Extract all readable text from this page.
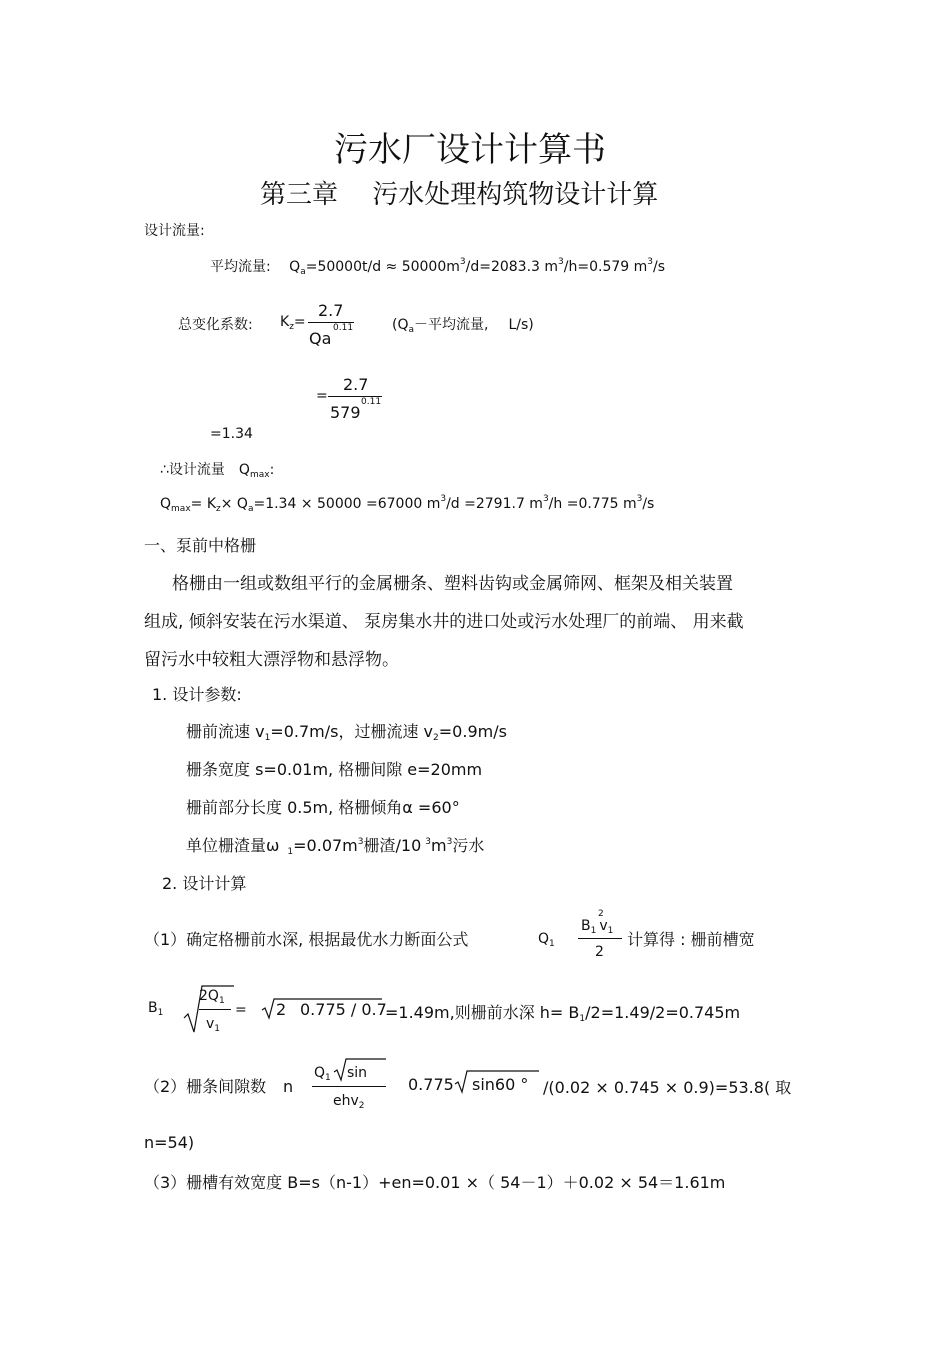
污水厂设计计算书
第三章　 污水处理构筑物设计计算
设计流量:
平均流量: $Q_a=50000t/d \approx 50000m^3/d=2083.3$ $m^3/h=0.579$ $m^3/s$
总变化系数: $K_z=$
2.7
Qa
0.11	($Q_a-$平均流量, L/s)
=
2.7
579
0.11
=1.34
∴设计流量 $Q_{max}$:
$Q_{max}= K_z\times Q_a=1.34 \times 50000 =67000$ $m^3/d =2791.7$ $m^3/h =0.775$ $m^3/s$
一、泵前中格栅
格栅由一组或数组平行的金属栅条、塑料齿钩或金属筛网、框架及相关装置
组成, 倾斜安装在污水渠道、 泵房集水井的进口处或污水处理厂的前端、 用来截
留污水中较粗大漂浮物和悬浮物。
1. 设计参数:
栅前流速 v1=0.7m/s，过栅流速 v2=0.9m/s
栅条宽度 s=0.01m, 格栅间隙 e=20mm
栅前部分长度 0.5m, 格栅倾角α =60°
单位栅渣量ω $1=0.07m^3$栅渣/10 $^3m^3$污水
2. 设计计算
（1）确定格栅前水深, 根据最优水力断面公式	$Q_1$
2
$B_1$ $v_1$
2
计算得 : 栅前槽宽
$B_1$
$2Q_1$
$v_1$
= 2 0.775 / 0.7
=1.49m,则栅前水深 h= B1/2=1.49/2=0.745m
（2）栅条间隙数 n
$Q_1$ sin
ehv$_2$
0.775 sin60 ° /(0.02 × 0.745 × 0.9)=53.8( 取
n=54)
（3）栅槽有效宽度 B=s（n-1）+en=0.01 ×（ 54－1）＋0.02 × 54＝1.61m
